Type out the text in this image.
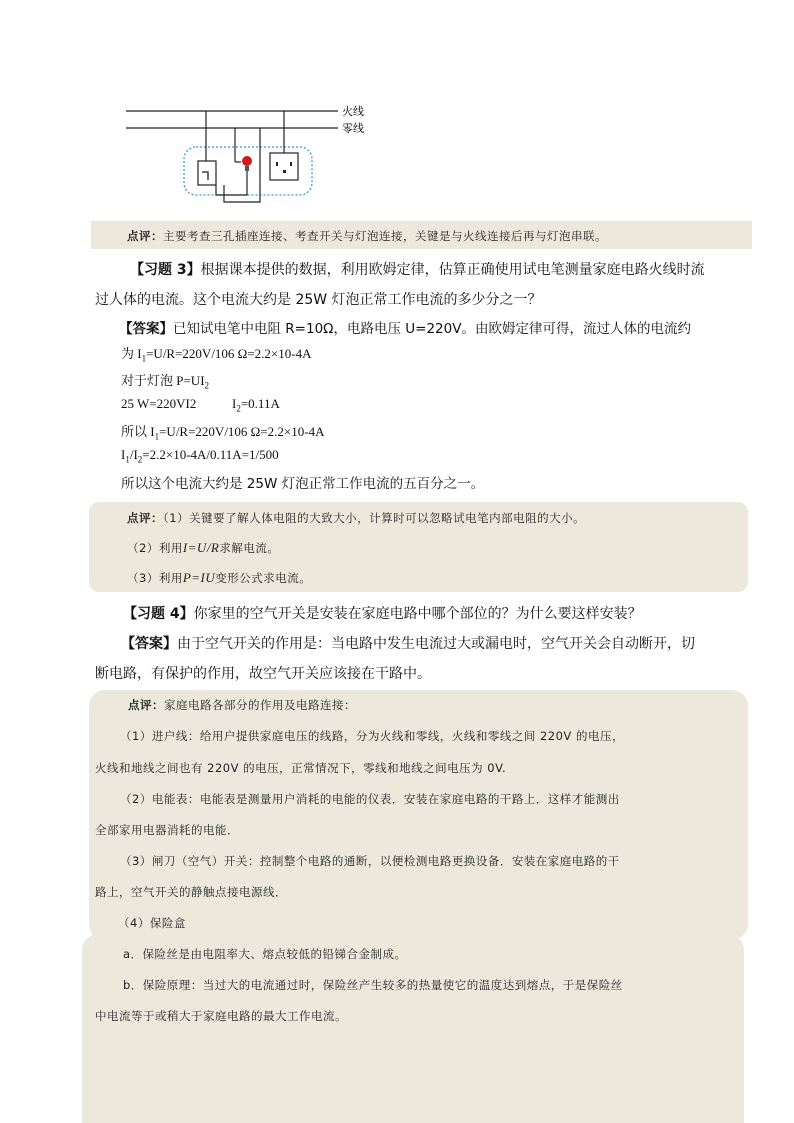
火线
零线
点评：主要考查三孔插座连接、考查开关与灯泡连接，关键是与火线连接后再与灯泡串联。
【习题 3】根据课本提供的数据，利用欧姆定律，估算正确使用试电笔测量家庭电路火线时流
过人体的电流。这个电流大约是 25W 灯泡正常工作电流的多少分之一？
【答案】已知试电笔中电阻 R=10Ω，电路电压 U=220V。由欧姆定律可得，流过人体的电流约
为 $I_1=U/R=220V/106$ Ω=2.2×10-4A
对于灯泡 $P=UI_2$
25 W=220VI2	$I_2=0.11A$
所以 $I_1=U/R=220V/106$ Ω=2.2×10-4A
$I_1/I_2=2.2\times 10-4A/0.11A=1/500$
所以这个电流大约是 25W 灯泡正常工作电流的五百分之一。
点评：（1）关键要了解人体电阻的大致大小，计算时可以忽略试电笔内部电阻的大小。
（2）利用I=U/R求解电流。
（3）利用P=IU变形公式求电流。
【习题 4】你家里的空气开关是安装在家庭电路中哪个部位的？为什么要这样安装？
【答案】由于空气开关的作用是：当电路中发生电流过大或漏电时，空气开关会自动断开，切
断电路，有保护的作用，故空气开关应该接在干路中。
点评：家庭电路各部分的作用及电路连接：
（1）进户线：给用户提供家庭电压的线路，分为火线和零线，火线和零线之间 220V 的电压，
火线和地线之间也有 220V 的电压，正常情况下，零线和地线之间电压为 0V.
（2）电能表：电能表是测量用户消耗的电能的仪表．安装在家庭电路的干路上．这样才能测出
全部家用电器消耗的电能．
（3）闸刀（空气）开关：控制整个电路的通断，以便检测电路更换设备．安装在家庭电路的干
路上，空气开关的静触点接电源线．
（4）保险盒
a．保险丝是由电阻率大、熔点较低的铅锑合金制成。
b．保险原理：当过大的电流通过时，保险丝产生较多的热量使它的温度达到熔点，于是保险丝
中电流等于或稍大于家庭电路的最大工作电流。
